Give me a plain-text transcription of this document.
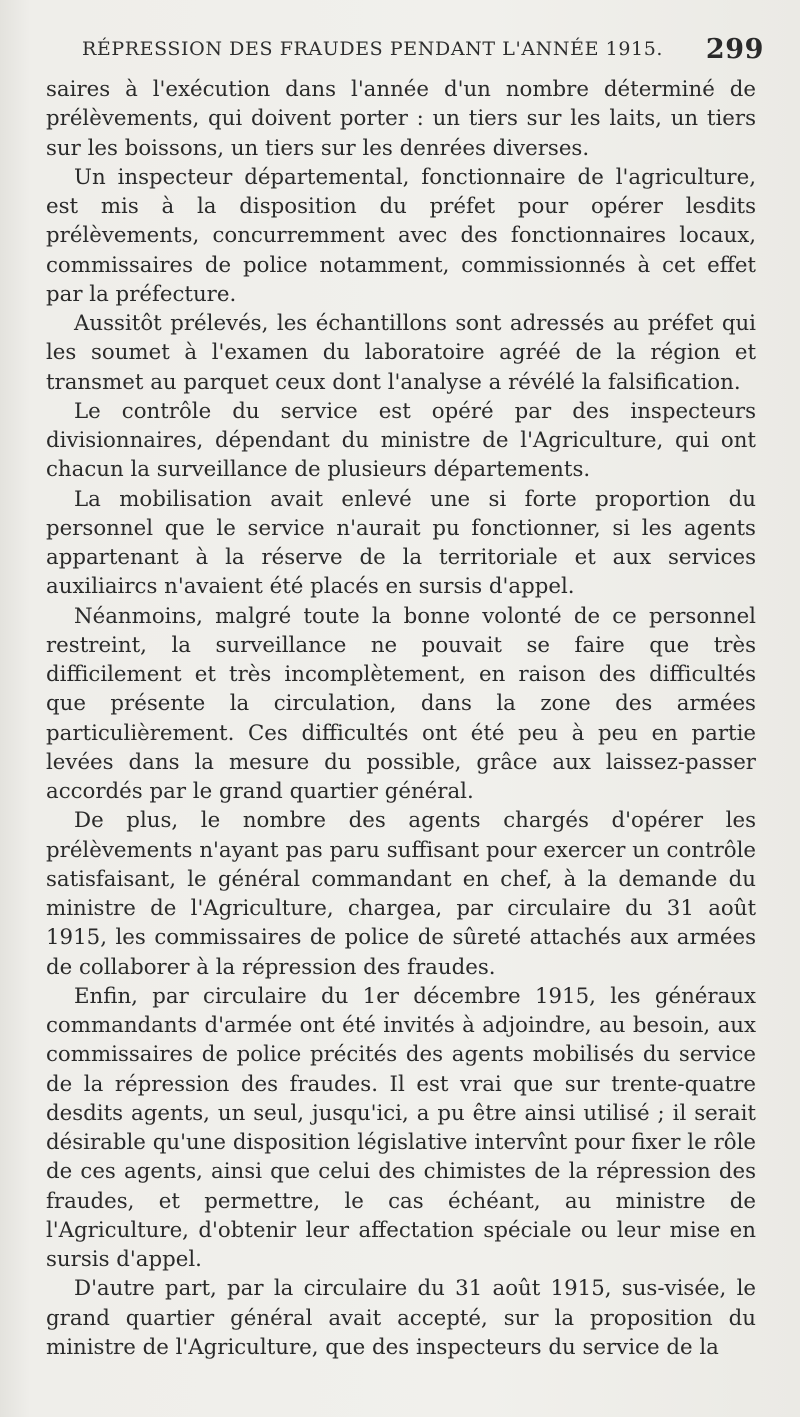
RÉPRESSION DES FRAUDES PENDANT L'ANNÉE 1915. 299

saires à l'exécution dans l'année d'un nombre déterminé de prélèvements, qui doivent porter : un tiers sur les laits, un tiers sur les boissons, un tiers sur les denrées diverses.

Un inspecteur départemental, fonctionnaire de l'agriculture, est mis à la disposition du préfet pour opérer lesdits prélèvements, concurremment avec des fonctionnaires locaux, commissaires de police notamment, commissionnés à cet effet par la préfecture.

Aussitôt prélevés, les échantillons sont adressés au préfet qui les soumet à l'examen du laboratoire agréé de la région et transmet au parquet ceux dont l'analyse a révélé la falsification.

Le contrôle du service est opéré par des inspecteurs divisionnaires, dépendant du ministre de l'Agriculture, qui ont chacun la surveillance de plusieurs départements.

La mobilisation avait enlevé une si forte proportion du personnel que le service n'aurait pu fonctionner, si les agents appartenant à la réserve de la territoriale et aux services auxiliaircs n'avaient été placés en sursis d'appel.

Néanmoins, malgré toute la bonne volonté de ce personnel restreint, la surveillance ne pouvait se faire que très difficilement et très incomplètement, en raison des difficultés que présente la circulation, dans la zone des armées particulièrement. Ces difficultés ont été peu à peu en partie levées dans la mesure du possible, grâce aux laissez-passer accordés par le grand quartier général.

De plus, le nombre des agents chargés d'opérer les prélèvements n'ayant pas paru suffisant pour exercer un contrôle satisfaisant, le général commandant en chef, à la demande du ministre de l'Agriculture, chargea, par circulaire du 31 août 1915, les commissaires de police de sûreté attachés aux armées de collaborer à la répression des fraudes.

Enfin, par circulaire du 1er décembre 1915, les généraux commandants d'armée ont été invités à adjoindre, au besoin, aux commissaires de police précités des agents mobilisés du service de la répression des fraudes. Il est vrai que sur trente-quatre desdits agents, un seul, jusqu'ici, a pu être ainsi utilisé ; il serait désirable qu'une disposition législative intervînt pour fixer le rôle de ces agents, ainsi que celui des chimistes de la répression des fraudes, et permettre, le cas échéant, au ministre de l'Agriculture, d'obtenir leur affectation spéciale ou leur mise en sursis d'appel.

D'autre part, par la circulaire du 31 août 1915, sus-visée, le grand quartier général avait accepté, sur la proposition du ministre de l'Agriculture, que des inspecteurs du service de la
